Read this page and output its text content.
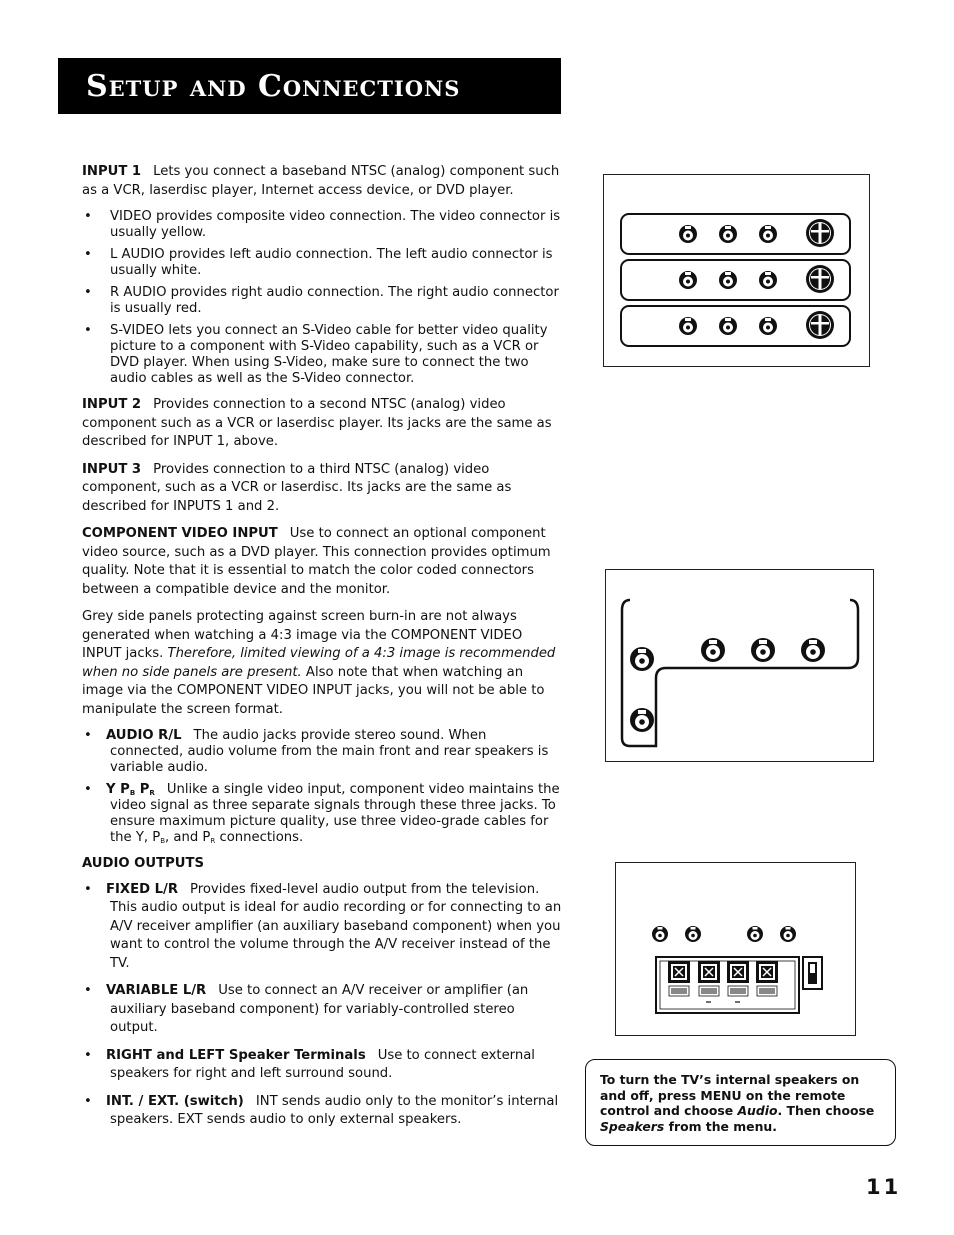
Setup and Connections

INPUT 1 Lets you connect a baseband NTSC (analog) component such as a VCR, laserdisc player, Internet access device, or DVD player.

• VIDEO provides composite video connection. The video connector is usually yellow.
• L AUDIO provides left audio connection. The left audio connector is usually white.
• R AUDIO provides right audio connection. The right audio connector is usually red.
• S-VIDEO lets you connect an S-Video cable for better video quality picture to a component with S-Video capability, such as a VCR or DVD player. When using S-Video, make sure to connect the two audio cables as well as the S-Video connector.

INPUT 2 Provides connection to a second NTSC (analog) video component such as a VCR or laserdisc player. Its jacks are the same as described for INPUT 1, above.

INPUT 3 Provides connection to a third NTSC (analog) video component, such as a VCR or laserdisc. Its jacks are the same as described for INPUTS 1 and 2.

COMPONENT VIDEO INPUT Use to connect an optional component video source, such as a DVD player. This connection provides optimum quality. Note that it is essential to match the color coded connectors between a compatible device and the monitor.

Grey side panels protecting against screen burn-in are not always generated when watching a 4:3 image via the COMPONENT VIDEO INPUT jacks. Therefore, limited viewing of a 4:3 image is recommended when no side panels are present. Also note that when watching an image via the COMPONENT VIDEO INPUT jacks, you will not be able to manipulate the screen format.

• AUDIO R/L The audio jacks provide stereo sound. When connected, audio volume from the main front and rear speakers is variable audio.
• Y $P_B$ $P_R$ Unlike a single video input, component video maintains the video signal as three separate signals through these three jacks. To ensure maximum picture quality, use three video-grade cables for the Y, $P_B$, and $P_R$ connections.

AUDIO OUTPUTS

• FIXED L/R Provides fixed-level audio output from the television. This audio output is ideal for audio recording or for connecting to an A/V receiver amplifier (an auxiliary baseband component) when you want to control the volume through the A/V receiver instead of the TV.
• VARIABLE L/R Use to connect an A/V receiver or amplifier (an auxiliary baseband component) for variably-controlled stereo output.
• RIGHT and LEFT Speaker Terminals Use to connect external speakers for right and left surround sound.
• INT. / EXT. (switch) INT sends audio only to the monitor’s internal speakers. EXT sends audio to only external speakers.
To turn the TV’s internal speakers on and off, press MENU on the remote control and choose Audio. Then choose Speakers from the menu.
11
